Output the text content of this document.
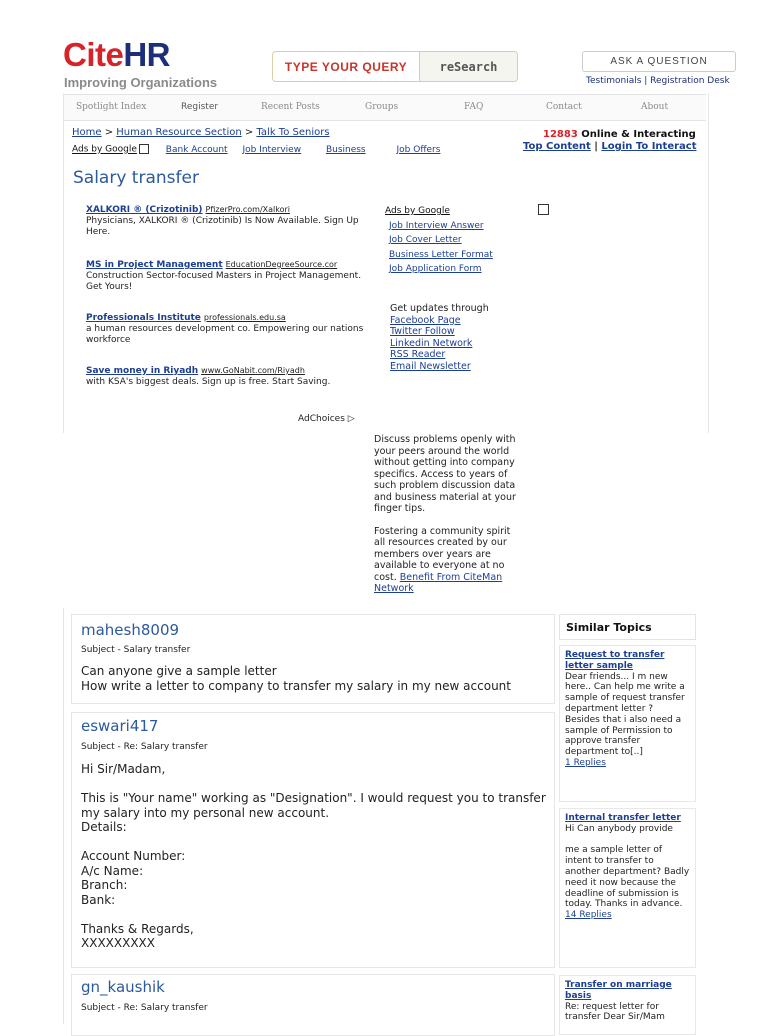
CiteHR
Improving Organizations
TYPE YOUR QUERY	reSearch	ASK A QUESTION
Testimonials | Registration Desk
Spotlight Index	Register	Recent Posts	Groups	FAQ	Contact	About
Home > Human Resource Section > Talk To Seniors	12883 Online & Interacting
Top Content | Login To Interact
Ads by Google	Bank Account Job Interview	Business	Job Offers
Salary transfer
XALKORI ® (Crizotinib) PfizerPro.com/Xalkori
Physicians, XALKORI ® (Crizotinib) Is Now Available. Sign Up Here.
MS in Project Management EducationDegreeSource.cor
Construction Sector-focused Masters in Project Management. Get Yours!
Professionals Institute professionals.edu.sa
a human resources development co. Empowering our nations workforce
Save money in Riyadh www.GoNabit.com/Riyadh
with KSA's biggest deals. Sign up is free. Start Saving.
AdChoices ▷
Ads by Google
Job Interview Answer
Job Cover Letter
Business Letter Format
Job Application Form
Get updates through
Facebook Page
Twitter Follow
Linkedin Network
RSS Reader
Email Newsletter

Discuss problems openly with your peers around the world without getting into company specifics. Access to years of such problem discussion data and business material at your finger tips.

Fostering a community spirit all resources created by our members over years are available to everyone at no cost. Benefit From CiteMan Network

mahesh8009
Subject - Salary transfer
Can anyone give a sample letter
How write a letter to company to transfer my salary in my new account
eswari417
Subject - Re: Salary transfer
Hi Sir/Madam,

This is "Your name" working as "Designation". I would request you to transfer my salary into my personal new account.
Details:

Account Number:
A/c Name:
Branch:
Bank:

Thanks & Regards,
XXXXXXXXX
gn_kaushik
Subject - Re: Salary transfer
Similar Topics
Request to transfer letter sample
Dear friends... I m new here.. Can help me write a sample of request transfer department letter ? Besides that i also need a sample of Permission to approve transfer department to[..]
1 Replies
Internal transfer letter
Hi Can anybody provide

me a sample letter of intent to transfer to another department? Badly need it now because the deadline of submission is today. Thanks in advance.
14 Replies
Transfer on marriage basis
Re: request letter for transfer Dear Sir/Mam
